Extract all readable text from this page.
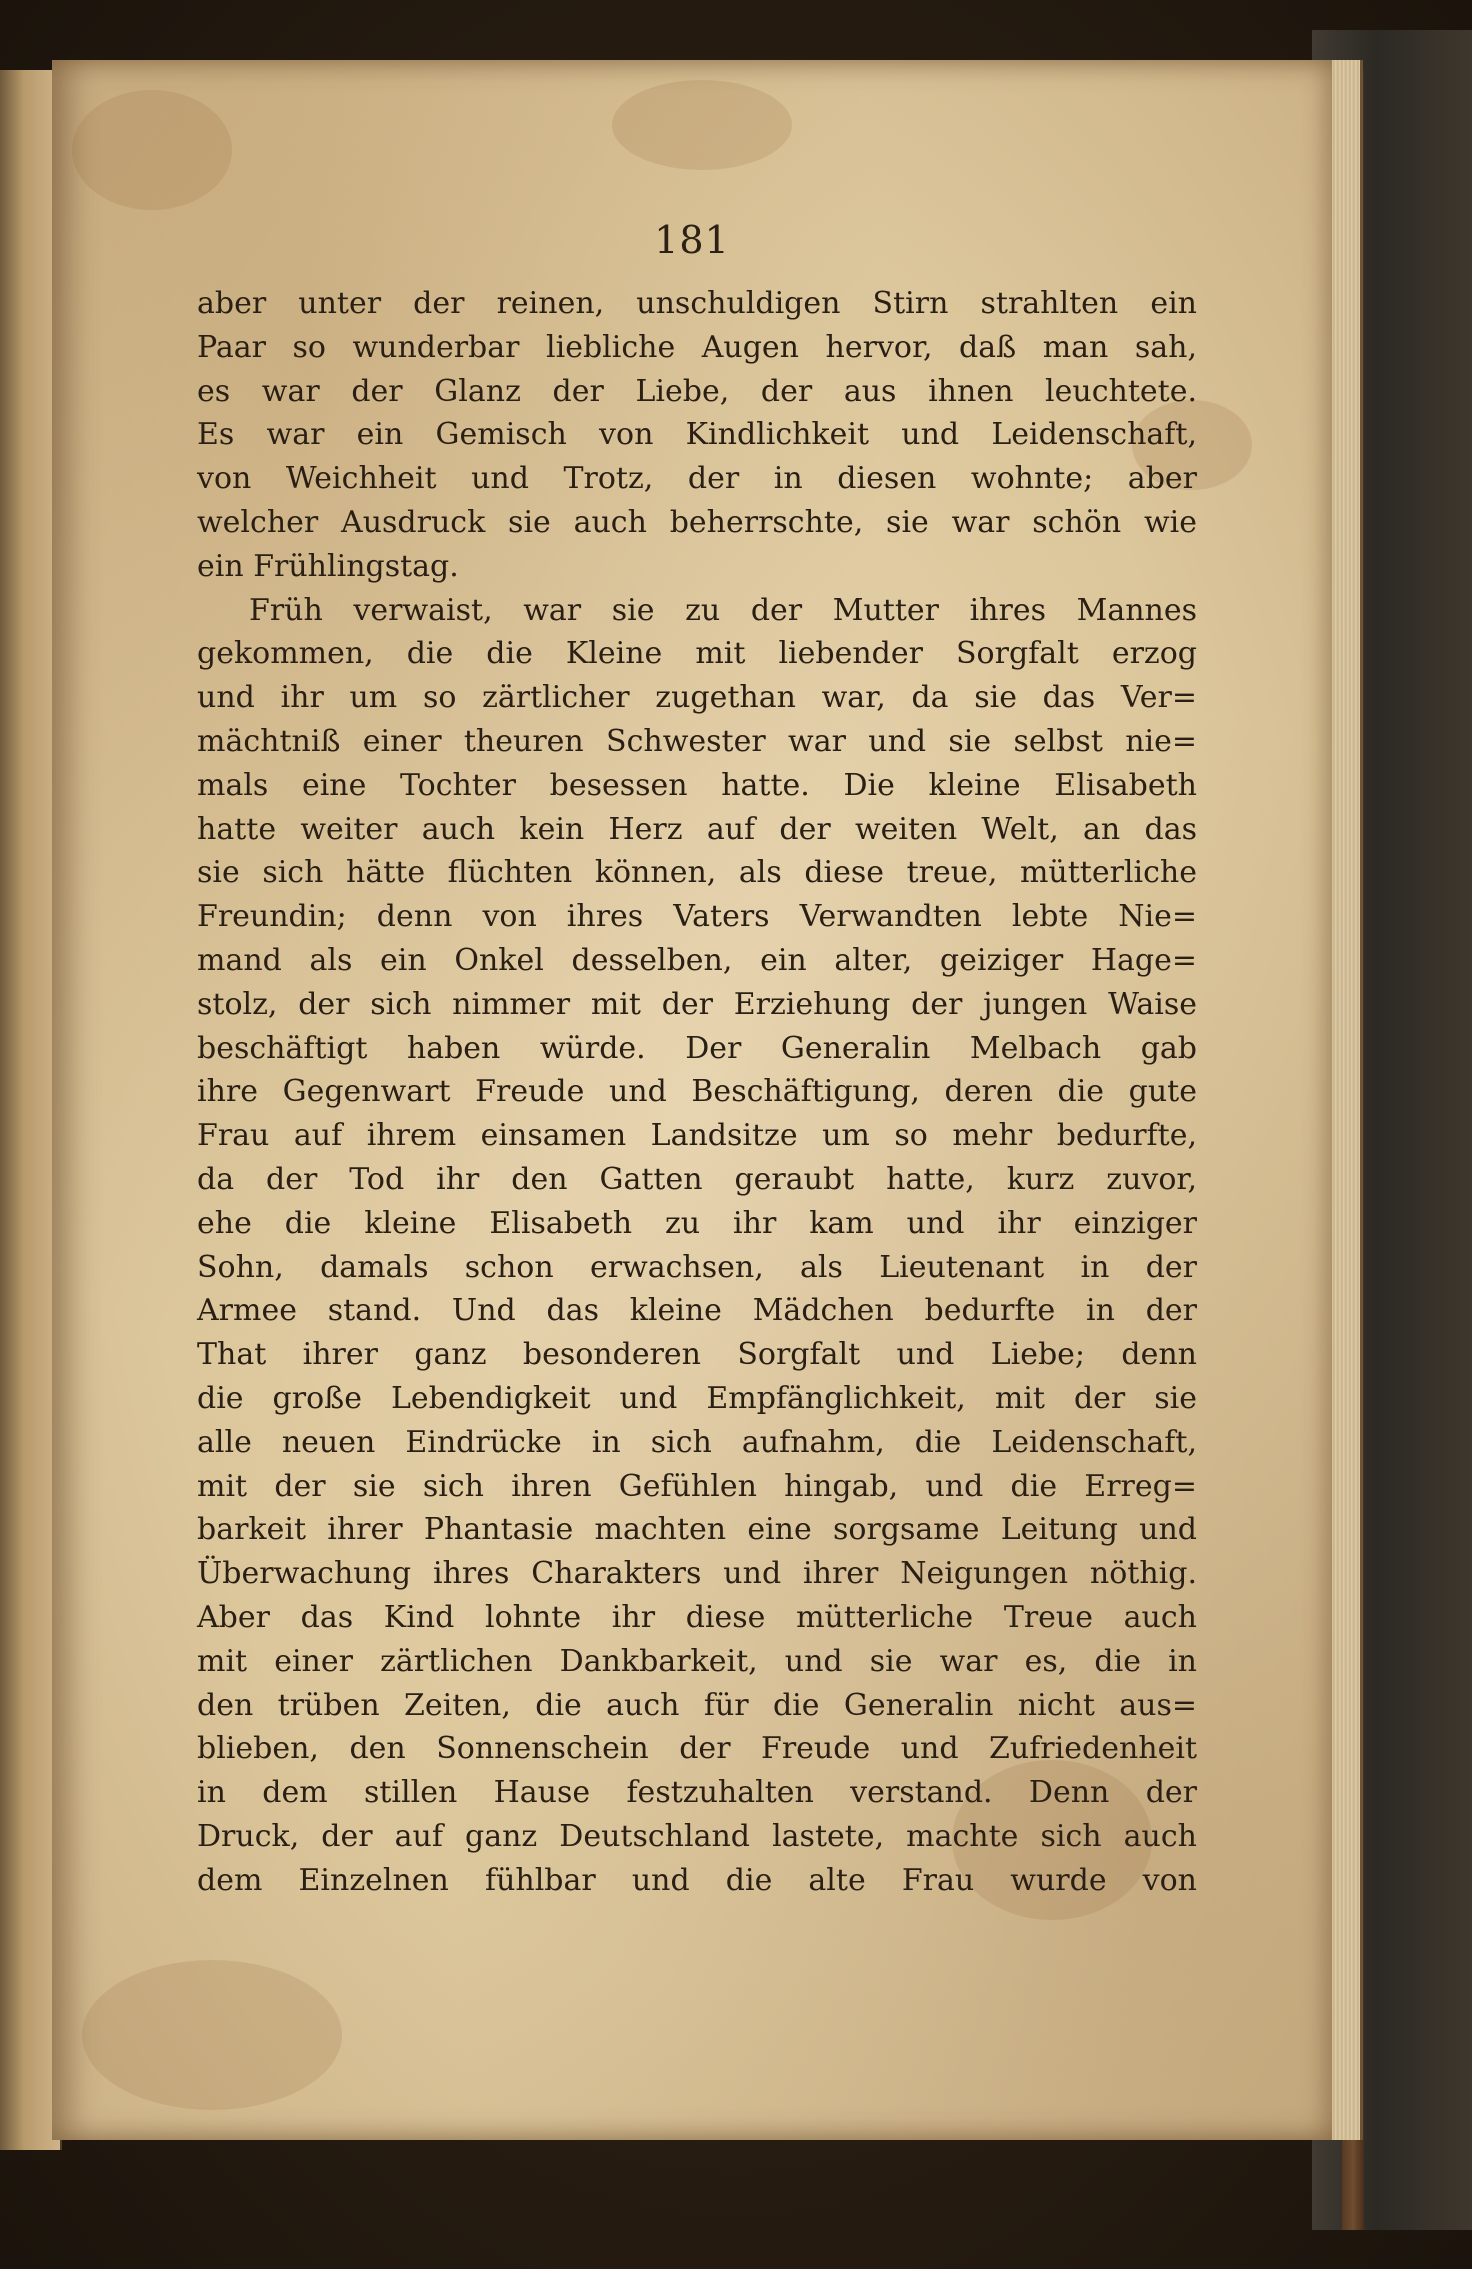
181
aber unter der reinen, unschuldigen Stirn strahlten ein
Paar so wunderbar liebliche Augen hervor, daß man sah,
es war der Glanz der Liebe, der aus ihnen leuchtete.
Es war ein Gemisch von Kindlichkeit und Leidenschaft,
von Weichheit und Trotz, der in diesen wohnte; aber
welcher Ausdruck sie auch beherrschte, sie war schön wie
ein Frühlingstag.
Früh verwaist, war sie zu der Mutter ihres Mannes
gekommen, die die Kleine mit liebender Sorgfalt erzog
und ihr um so zärtlicher zugethan war, da sie das Ver=
mächtniß einer theuren Schwester war und sie selbst nie=
mals eine Tochter besessen hatte. Die kleine Elisabeth
hatte weiter auch kein Herz auf der weiten Welt, an das
sie sich hätte flüchten können, als diese treue, mütterliche
Freundin; denn von ihres Vaters Verwandten lebte Nie=
mand als ein Onkel desselben, ein alter, geiziger Hage=
stolz, der sich nimmer mit der Erziehung der jungen Waise
beschäftigt haben würde. Der Generalin Melbach gab
ihre Gegenwart Freude und Beschäftigung, deren die gute
Frau auf ihrem einsamen Landsitze um so mehr bedurfte,
da der Tod ihr den Gatten geraubt hatte, kurz zuvor,
ehe die kleine Elisabeth zu ihr kam und ihr einziger
Sohn, damals schon erwachsen, als Lieutenant in der
Armee stand. Und das kleine Mädchen bedurfte in der
That ihrer ganz besonderen Sorgfalt und Liebe; denn
die große Lebendigkeit und Empfänglichkeit, mit der sie
alle neuen Eindrücke in sich aufnahm, die Leidenschaft,
mit der sie sich ihren Gefühlen hingab, und die Erreg=
barkeit ihrer Phantasie machten eine sorgsame Leitung und
Überwachung ihres Charakters und ihrer Neigungen nöthig.
Aber das Kind lohnte ihr diese mütterliche Treue auch
mit einer zärtlichen Dankbarkeit, und sie war es, die in
den trüben Zeiten, die auch für die Generalin nicht aus=
blieben, den Sonnenschein der Freude und Zufriedenheit
in dem stillen Hause festzuhalten verstand. Denn der
Druck, der auf ganz Deutschland lastete, machte sich auch
dem Einzelnen fühlbar und die alte Frau wurde von
